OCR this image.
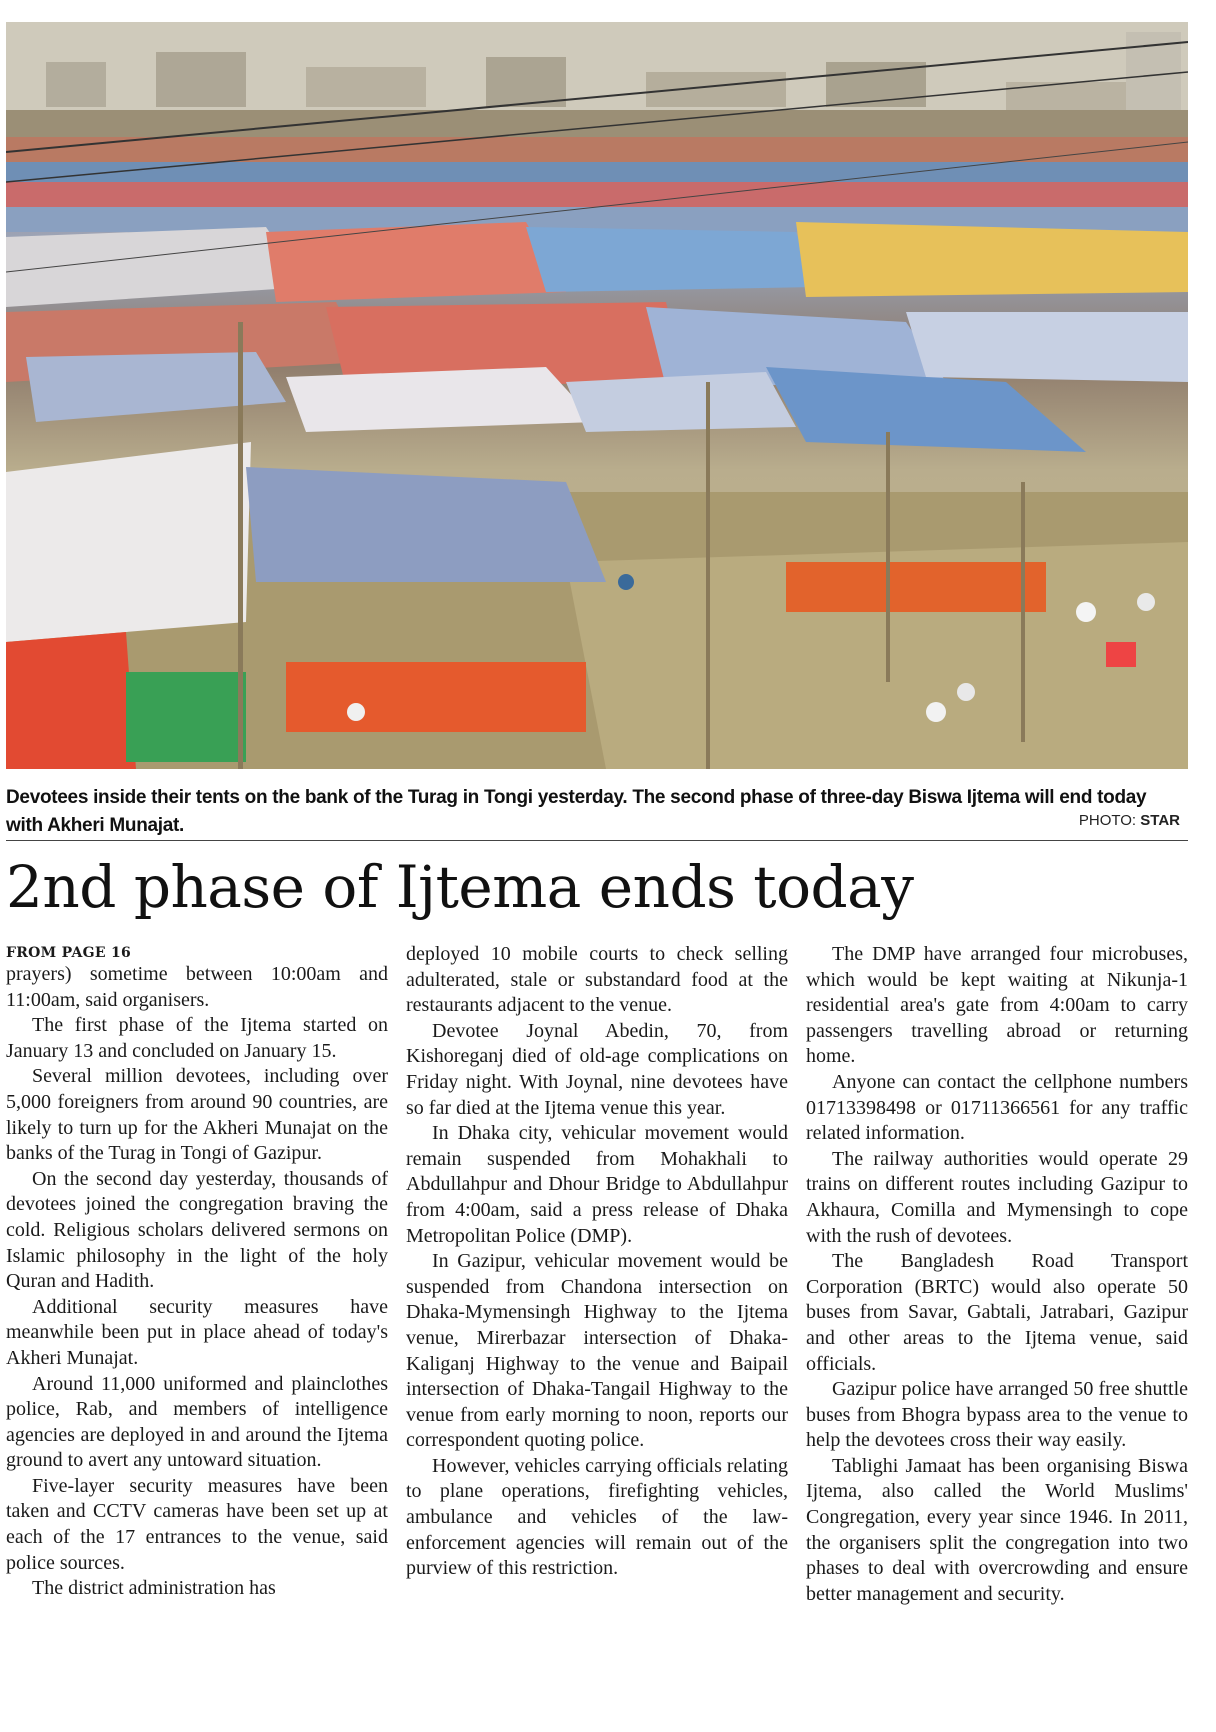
Devotees inside their tents on the bank of the Turag in Tongi yesterday. The second phase of three-day Biswa Ijtema will end today with Akheri Munajat.	PHOTO: STAR
2nd phase of Ijtema ends today
FROM PAGE 16

prayers) sometime between 10:00am and 11:00am, said organisers.

The first phase of the Ijtema started on January 13 and concluded on January 15.

Several million devotees, including over 5,000 foreigners from around 90 countries, are likely to turn up for the Akheri Munajat on the banks of the Turag in Tongi of Gazipur.

On the second day yesterday, thousands of devotees joined the congregation braving the cold. Religious scholars delivered sermons on Islamic philosophy in the light of the holy Quran and Hadith.

Additional security measures have meanwhile been put in place ahead of today's Akheri Munajat.

Around 11,000 uniformed and plainclothes police, Rab, and members of intelligence agencies are deployed in and around the Ijtema ground to avert any untoward situation.

Five-layer security measures have been taken and CCTV cameras have been set up at each of the 17 entrances to the venue, said police sources.

The district administration has

deployed 10 mobile courts to check selling adulterated, stale or substandard food at the restaurants adjacent to the venue.

Devotee Joynal Abedin, 70, from Kishoreganj died of old-age complications on Friday night. With Joynal, nine devotees have so far died at the Ijtema venue this year.

In Dhaka city, vehicular movement would remain suspended from Mohakhali to Abdullahpur and Dhour Bridge to Abdullahpur from 4:00am, said a press release of Dhaka Metropolitan Police (DMP).

In Gazipur, vehicular movement would be suspended from Chandona intersection on Dhaka-Mymensingh Highway to the Ijtema venue, Mirerbazar intersection of Dhaka-Kaliganj Highway to the venue and Baipail intersection of Dhaka-Tangail Highway to the venue from early morning to noon, reports our correspondent quoting police.

However, vehicles carrying officials relating to plane operations, firefighting vehicles, ambulance and vehicles of the law-enforcement agencies will remain out of the purview of this restriction.

The DMP have arranged four microbuses, which would be kept waiting at Nikunja-1 residential area's gate from 4:00am to carry passengers travelling abroad or returning home.

Anyone can contact the cellphone numbers 01713398498 or 01711366561 for any traffic related information.

The railway authorities would operate 29 trains on different routes including Gazipur to Akhaura, Comilla and Mymensingh to cope with the rush of devotees.

The Bangladesh Road Transport Corporation (BRTC) would also operate 50 buses from Savar, Gabtali, Jatrabari, Gazipur and other areas to the Ijtema venue, said officials.

Gazipur police have arranged 50 free shuttle buses from Bhogra bypass area to the venue to help the devotees cross their way easily.

Tablighi Jamaat has been organising Biswa Ijtema, also called the World Muslims' Congregation, every year since 1946. In 2011, the organisers split the congregation into two phases to deal with overcrowding and ensure better management and security.
